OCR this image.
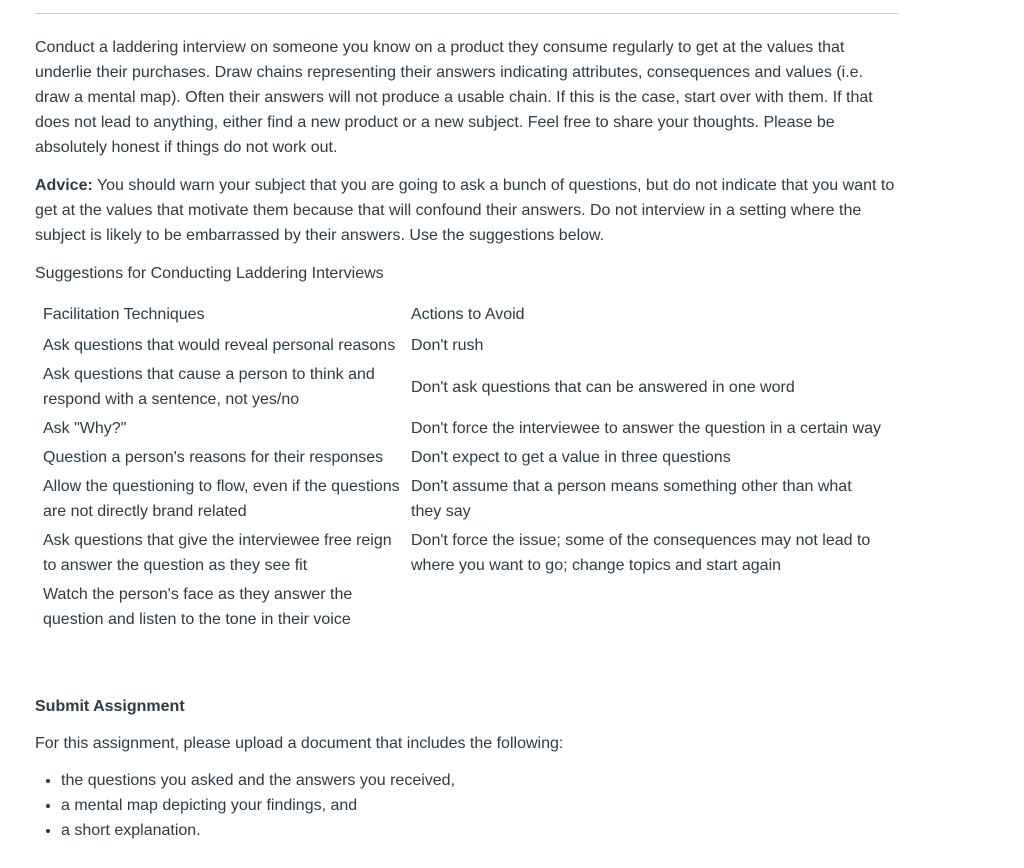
Conduct a laddering interview on someone you know on a product they consume regularly to get at the values that underlie their purchases. Draw chains representing their answers indicating attributes, consequences and values (i.e. draw a mental map). Often their answers will not produce a usable chain. If this is the case, start over with them. If that does not lead to anything, either find a new product or a new subject. Feel free to share your thoughts. Please be absolutely honest if things do not work out.

Advice: You should warn your subject that you are going to ask a bunch of questions, but do not indicate that you want to get at the values that motivate them because that will confound their answers. Do not interview in a setting where the subject is likely to be embarrassed by their answers. Use the suggestions below.

Suggestions for Conducting Laddering Interviews

Facilitation Techniques	Actions to Avoid
Ask questions that would reveal personal reasons	Don't rush
Ask questions that cause a person to think and respond with a sentence, not yes/no	Don't ask questions that can be answered in one word
Ask "Why?"	Don't force the interviewee to answer the question in a certain way
Question a person's reasons for their responses	Don't expect to get a value in three questions
Allow the questioning to flow, even if the questions are not directly brand related	Don't assume that a person means something other than what they say
Ask questions that give the interviewee free reign to answer the question as they see fit	Don't force the issue; some of the consequences may not lead to where you want to go; change topics and start again
Watch the person's face as they answer the question and listen to the tone in their voice	

Submit Assignment

For this assignment, please upload a document that includes the following:

• the questions you asked and the answers you received,
• a mental map depicting your findings, and
• a short explanation.
